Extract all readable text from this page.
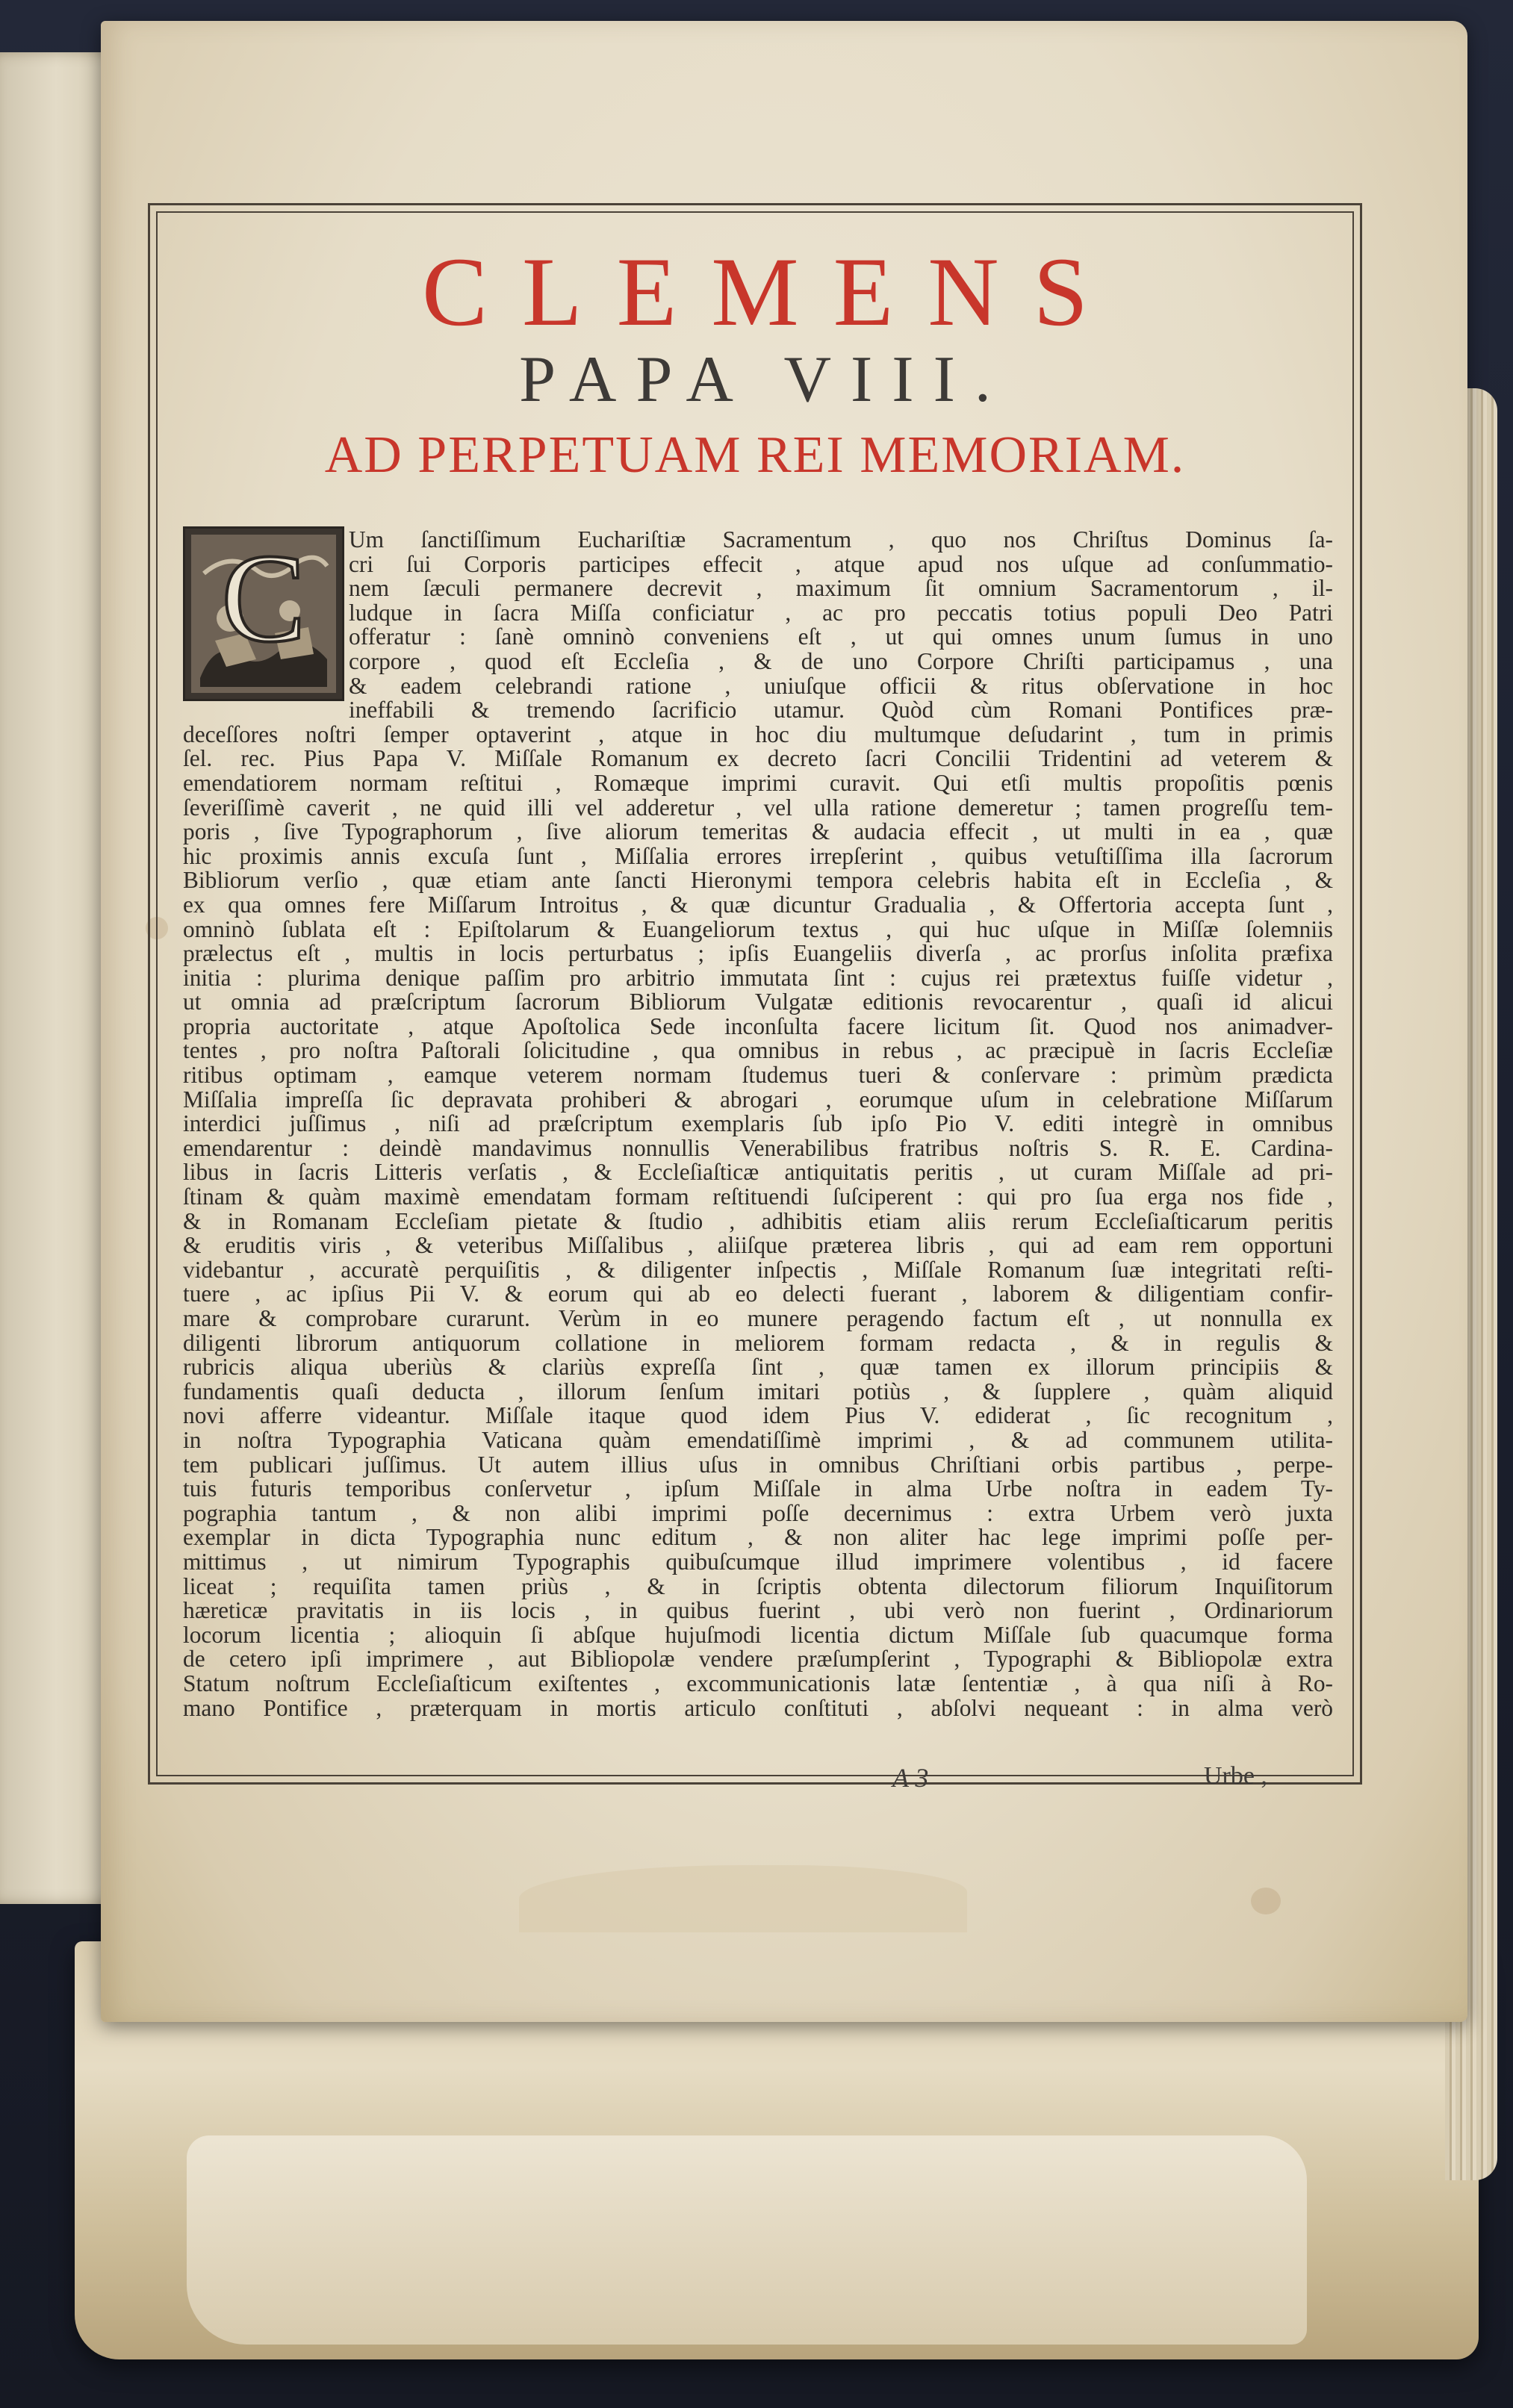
CLEMENS
PAPA VIII.
AD PERPETUAM REI MEMORIAM.
C	Um ſanctiſſimum Euchariſtiæ Sacramentum , quo nos Chriſtus Dominus ſa-
cri ſui Corporis participes effecit , atque apud nos uſque ad conſummatio-
nem ſæculi permanere decrevit , maximum ſit omnium Sacramentorum , il-
ludque in ſacra Miſſa conficiatur , ac pro peccatis totius populi Deo Patri
offeratur : ſanè omninò conveniens eſt , ut qui omnes unum ſumus in uno
corpore , quod eſt Eccleſia , & de uno Corpore Chriſti participamus , una
& eadem celebrandi ratione , uniuſque officii & ritus obſervatione in hoc
ineffabili & tremendo ſacrificio utamur. Quòd cùm Romani Pontifices præ-
deceſſores noſtri ſemper optaverint , atque in hoc diu multumque deſudarint , tum in primis
ſel. rec. Pius Papa V. Miſſale Romanum ex decreto ſacri Concilii Tridentini ad veterem &
emendatiorem normam reſtitui , Romæque imprimi curavit. Qui etſi multis propoſitis pœnis
ſeveriſſimè caverit , ne quid illi vel adderetur , vel ulla ratione demeretur ; tamen progreſſu tem-
poris , ſive Typographorum , ſive aliorum temeritas & audacia effecit , ut multi in ea , quæ
hic proximis annis excuſa ſunt , Miſſalia errores irrepſerint , quibus vetuſtiſſima illa ſacrorum
Bibliorum verſio , quæ etiam ante ſancti Hieronymi tempora celebris habita eſt in Eccleſia , &
ex qua omnes fere Miſſarum Introitus , & quæ dicuntur Gradualia , & Offertoria accepta ſunt ,
omninò ſublata eſt : Epiſtolarum & Euangeliorum textus , qui huc uſque in Miſſæ ſolemniis
prælectus eſt , multis in locis perturbatus ; ipſis Euangeliis diverſa , ac prorſus inſolita præfixa
initia : plurima denique paſſim pro arbitrio immutata ſint : cujus rei prætextus fuiſſe videtur ,
ut omnia ad præſcriptum ſacrorum Bibliorum Vulgatæ editionis revocarentur , quaſi id alicui
propria auctoritate , atque Apoſtolica Sede inconſulta facere licitum ſit. Quod nos animadver-
tentes , pro noſtra Paſtorali ſolicitudine , qua omnibus in rebus , ac præcipuè in ſacris Eccleſiæ
ritibus optimam , eamque veterem normam ſtudemus tueri & conſervare : primùm prædicta
Miſſalia impreſſa ſic depravata prohiberi & abrogari , eorumque uſum in celebratione Miſſarum
interdici juſſimus , niſi ad præſcriptum exemplaris ſub ipſo Pio V. editi integrè in omnibus
emendarentur : deindè mandavimus nonnullis Venerabilibus fratribus noſtris S. R. E. Cardina-
libus in ſacris Litteris verſatis , & Eccleſiaſticæ antiquitatis peritis , ut curam Miſſale ad pri-
ſtinam & quàm maximè emendatam formam reſtituendi ſuſciperent : qui pro ſua erga nos fide ,
& in Romanam Eccleſiam pietate & ſtudio , adhibitis etiam aliis rerum Eccleſiaſticarum peritis
& eruditis viris , & veteribus Miſſalibus , aliiſque præterea libris , qui ad eam rem opportuni
videbantur , accuratè perquiſitis , & diligenter inſpectis , Miſſale Romanum ſuæ integritati reſti-
tuere , ac ipſius Pii V. & eorum qui ab eo delecti fuerant , laborem & diligentiam confir-
mare & comprobare curarunt. Verùm in eo munere peragendo factum eſt , ut nonnulla ex
diligenti librorum antiquorum collatione in meliorem formam redacta , & in regulis &
rubricis aliqua uberiùs & clariùs expreſſa ſint , quæ tamen ex illorum principiis &
fundamentis quaſi deducta , illorum ſenſum imitari potiùs , & ſupplere , quàm aliquid
novi afferre videantur. Miſſale itaque quod idem Pius V. ediderat , ſic recognitum ,
in noſtra Typographia Vaticana quàm emendatiſſimè imprimi , & ad communem utilita-
tem publicari juſſimus. Ut autem illius uſus in omnibus Chriſtiani orbis partibus , perpe-
tuis futuris temporibus conſervetur , ipſum Miſſale in alma Urbe noſtra in eadem Ty-
pographia tantum , & non alibi imprimi poſſe decernimus : extra Urbem verò juxta
exemplar in dicta Typographia nunc editum , & non aliter hac lege imprimi poſſe per-
mittimus , ut nimirum Typographis quibuſcumque illud imprimere volentibus , id facere
liceat ; requiſita tamen priùs , & in ſcriptis obtenta dilectorum filiorum Inquiſitorum
hæreticæ pravitatis in iis locis , in quibus fuerint , ubi verò non fuerint , Ordinariorum
locorum licentia ; alioquin ſi abſque hujuſmodi licentia dictum Miſſale ſub quacumque forma
de cetero ipſi imprimere , aut Bibliopolæ vendere præſumpſerint , Typographi & Bibliopolæ extra
Statum noſtrum Eccleſiaſticum exiſtentes , excommunicationis latæ ſententiæ , à qua niſi à Ro-
mano Pontifice , præterquam in mortis articulo conſtituti , abſolvi nequeant : in alma verò
A 3	Urbe ,
